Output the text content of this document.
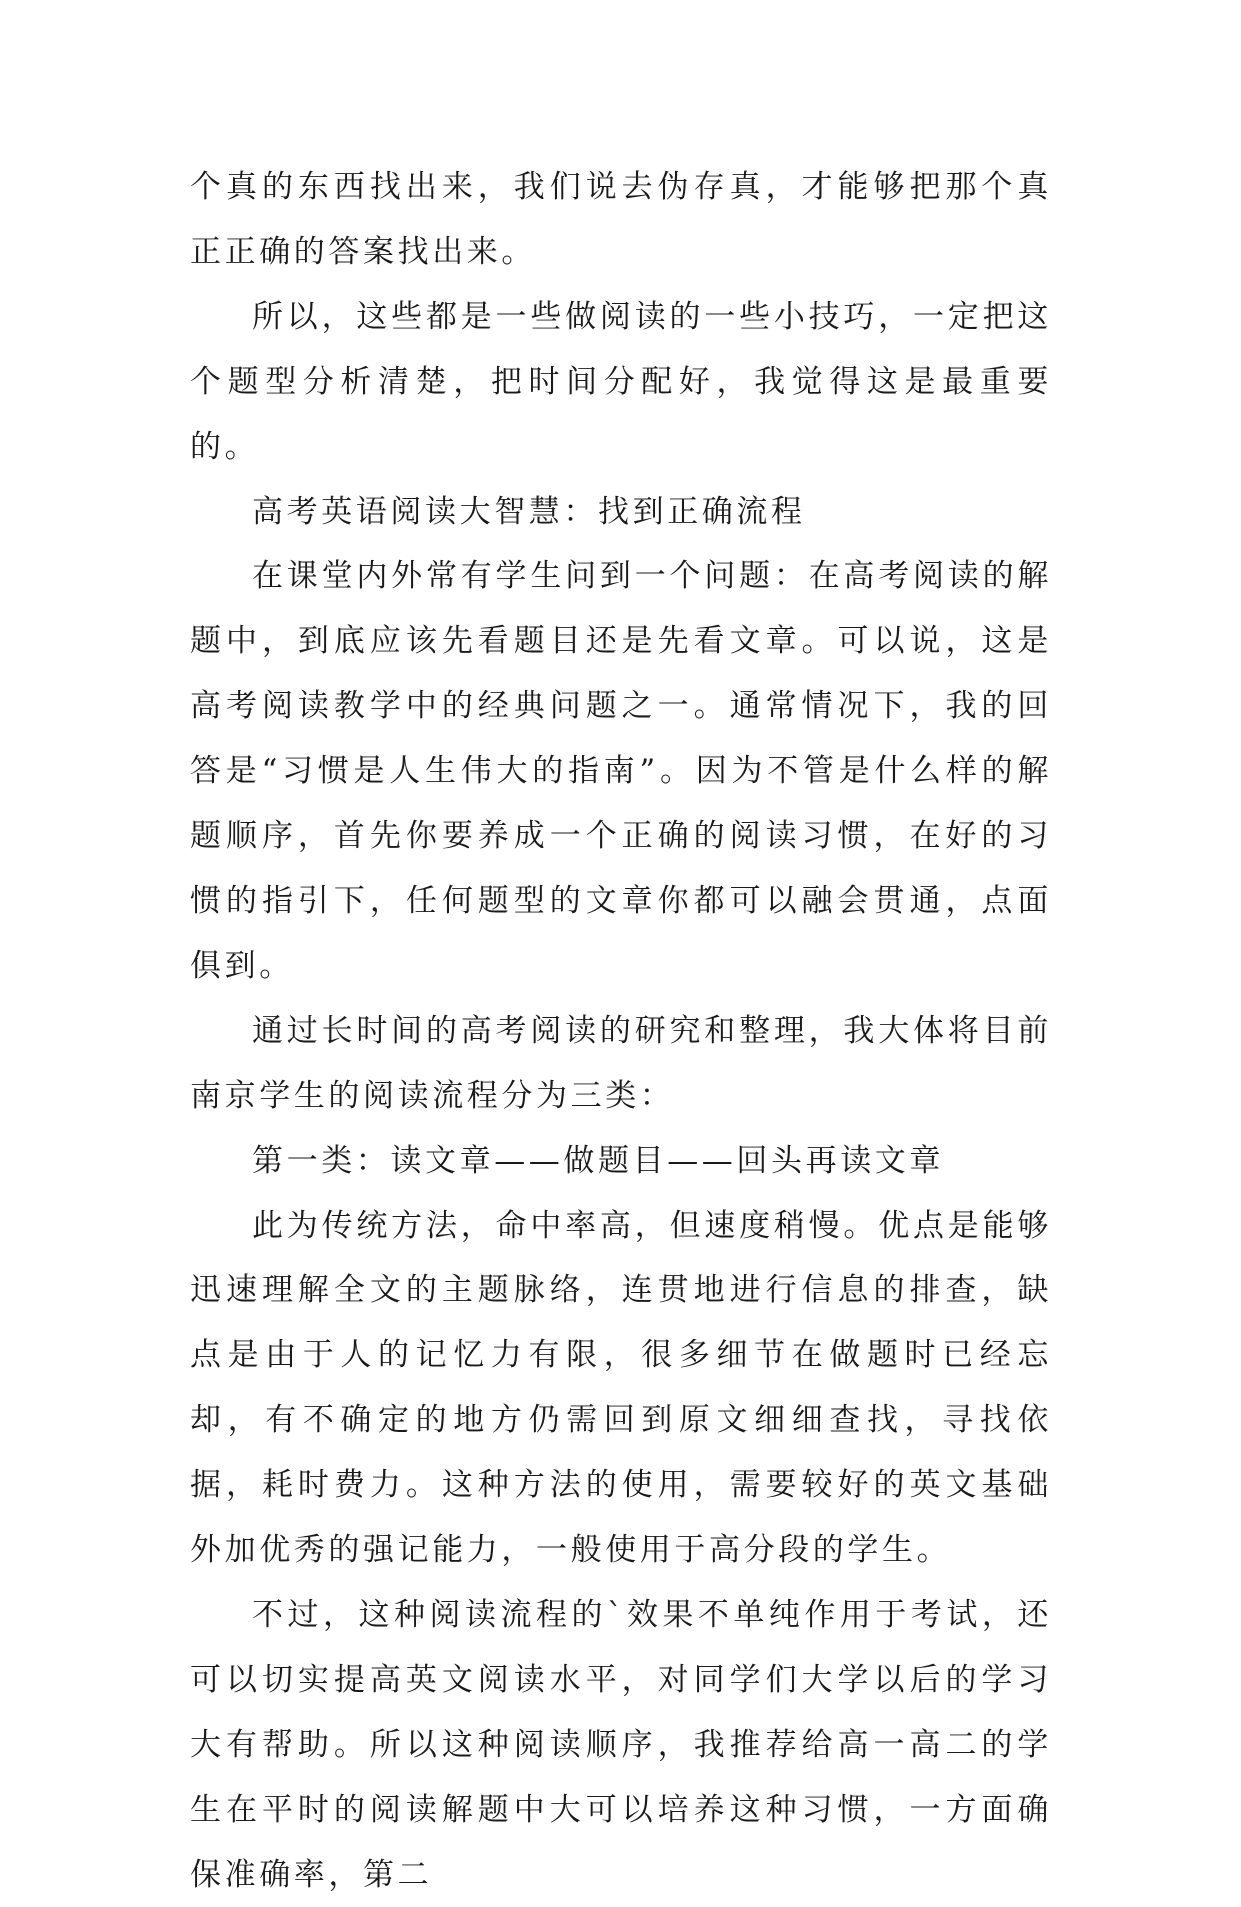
个真的东西找出来，我们说去伪存真，才能够把那个真正正确的答案找出来。

所以，这些都是一些做阅读的一些小技巧，一定把这个题型分析清楚，把时间分配好，我觉得这是最重要的。

高考英语阅读大智慧：找到正确流程

在课堂内外常有学生问到一个问题：在高考阅读的解题中，到底应该先看题目还是先看文章。可以说，这是高考阅读教学中的经典问题之一。通常情况下，我的回答是“习惯是人生伟大的指南”。因为不管是什么样的解题顺序，首先你要养成一个正确的阅读习惯，在好的习惯的指引下，任何题型的文章你都可以融会贯通，点面俱到。

通过长时间的高考阅读的研究和整理，我大体将目前南京学生的阅读流程分为三类：

第一类：读文章——做题目——回头再读文章

此为传统方法，命中率高，但速度稍慢。优点是能够迅速理解全文的主题脉络，连贯地进行信息的排查，缺点是由于人的记忆力有限，很多细节在做题时已经忘却，有不确定的地方仍需回到原文细细查找，寻找依据，耗时费力。这种方法的使用，需要较好的英文基础外加优秀的强记能力，一般使用于高分段的学生。

不过，这种阅读流程的`效果不单纯作用于考试，还可以切实提高英文阅读水平，对同学们大学以后的学习大有帮助。所以这种阅读顺序，我推荐给高一高二的学生在平时的阅读解题中大可以培养这种习惯，一方面确保准确率，第二
